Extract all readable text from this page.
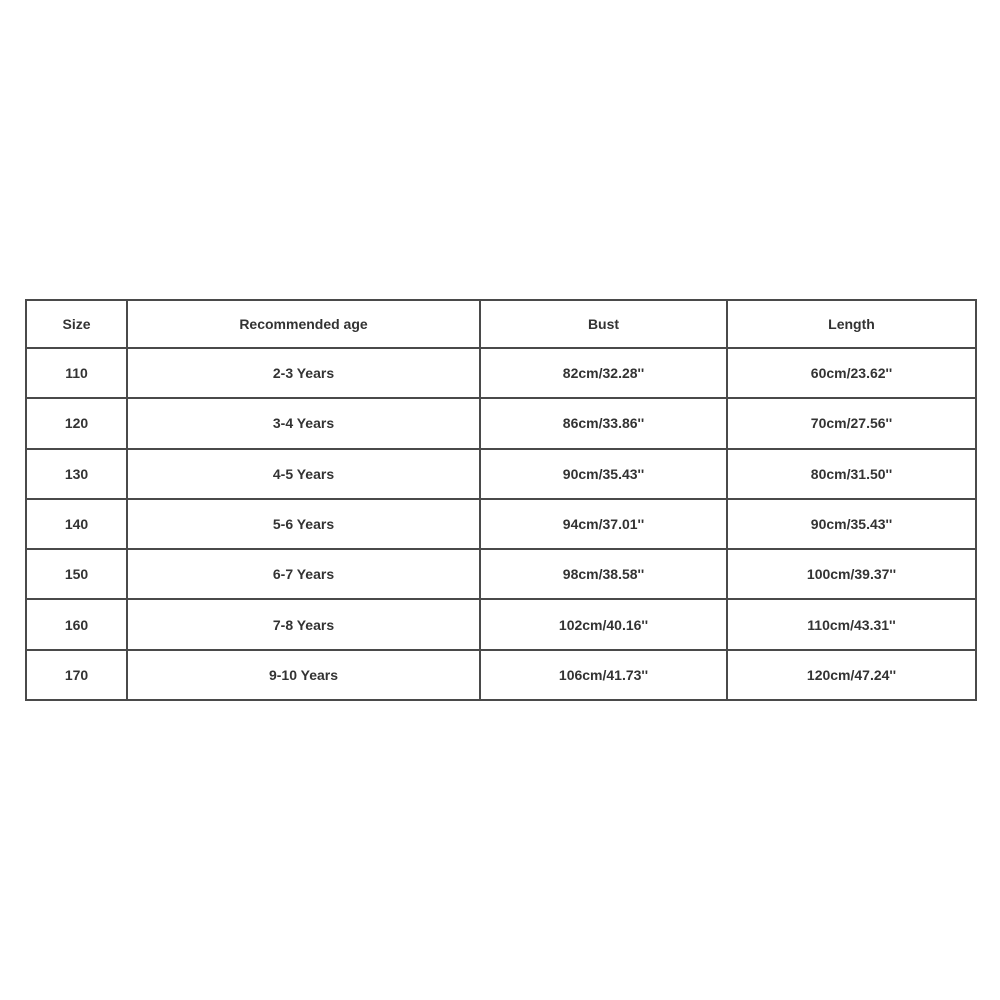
Size	Recommended age	Bust	Length
110	2-3 Years	82cm/32.28''	60cm/23.62''
120	3-4 Years	86cm/33.86''	70cm/27.56''
130	4-5 Years	90cm/35.43''	80cm/31.50''
140	5-6 Years	94cm/37.01''	90cm/35.43''
150	6-7 Years	98cm/38.58''	100cm/39.37''
160	7-8 Years	102cm/40.16''	110cm/43.31''
170	9-10 Years	106cm/41.73''	120cm/47.24''
